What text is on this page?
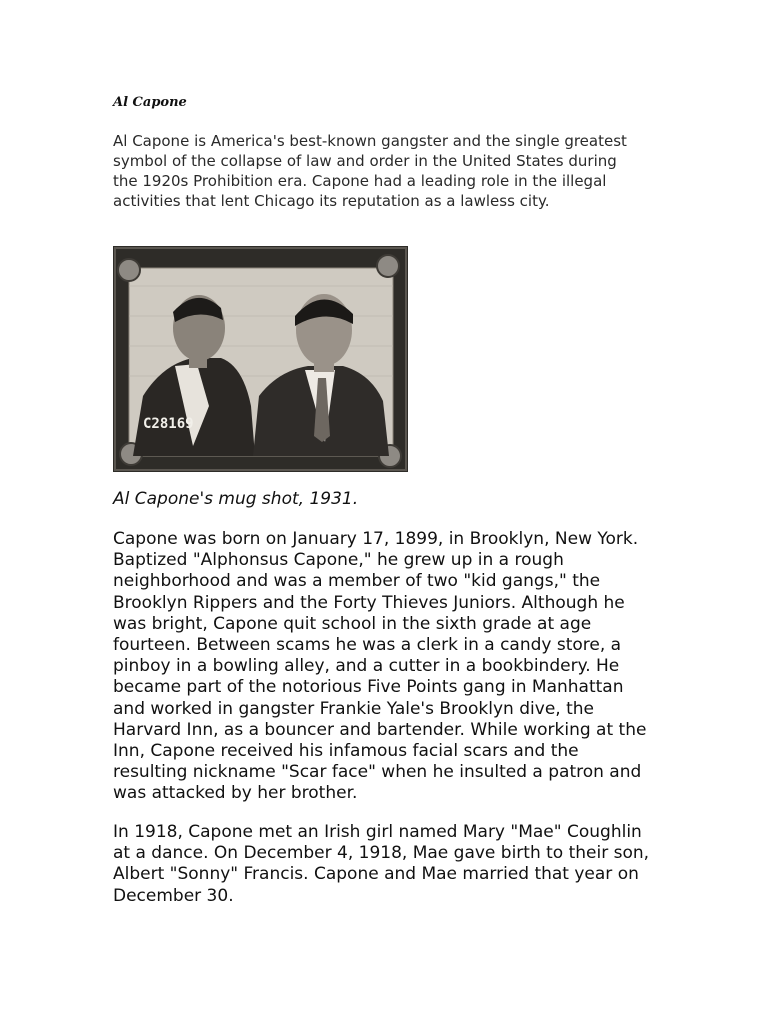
Al Capone

Al Capone is America's best-known gangster and the single greatest symbol of the collapse of law and order in the United States during the 1920s Prohibition era. Capone had a leading role in the illegal activities that lent Chicago its reputation as a lawless city.

C28169

Al Capone's mug shot, 1931.

Capone was born on January 17, 1899, in Brooklyn, New York. Baptized "Alphonsus Capone," he grew up in a rough neighborhood and was a member of two "kid gangs," the Brooklyn Rippers and the Forty Thieves Juniors. Although he was bright, Capone quit school in the sixth grade at age fourteen. Between scams he was a clerk in a candy store, a pinboy in a bowling alley, and a cutter in a bookbindery. He became part of the notorious Five Points gang in Manhattan and worked in gangster Frankie Yale's Brooklyn dive, the Harvard Inn, as a bouncer and bartender. While working at the Inn, Capone received his infamous facial scars and the resulting nickname "Scar face" when he insulted a patron and was attacked by her brother.

In 1918, Capone met an Irish girl named Mary "Mae" Coughlin at a dance. On December 4, 1918, Mae gave birth to their son, Albert "Sonny" Francis. Capone and Mae married that year on December 30.
